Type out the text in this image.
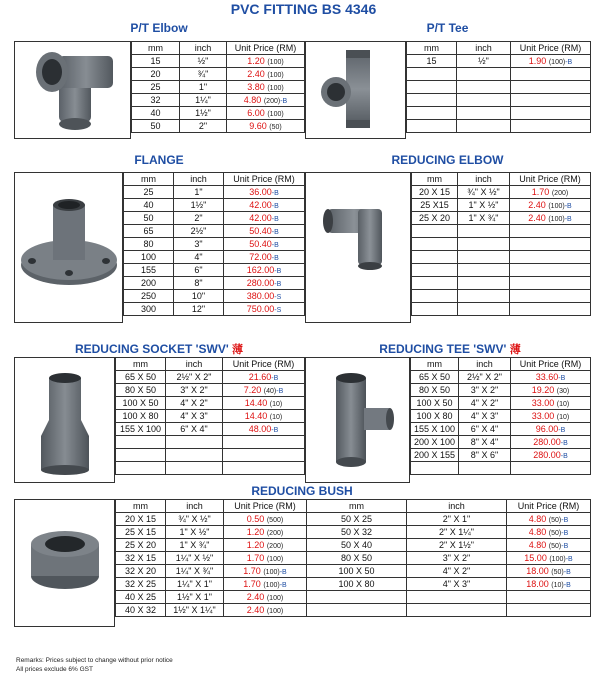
PVC FITTING BS 4346
P/T Elbow
mm	inch	Unit Price (RM)
15	½"	1.20 (100)
20	¾"	2.40 (100)
25	1"	3.80 (100)
32	1¼"	4.80 (200)-B
40	1½"	6.00 (100)
50	2"	9.60 (50)
P/T Tee
mm	inch	Unit Price (RM)
15	½"	1.90 (100)-B

FLANGE
mm	inch	Unit Price (RM)
25	1"	36.00-B
40	1½"	42.00-B
50	2"	42.00-B
65	2½"	50.40-B
80	3"	50.40-B
100	4"	72.00-B
155	6"	162.00-B
200	8"	280.00-B
250	10"	380.00-S
300	12"	750.00-S
REDUCING ELBOW
mm	inch	Unit Price (RM)
20 X 15	¾" X ½"	1.70 (200)
25 X15	1" X ½"	2.40 (100)-B
25 X 20	1" X ¾"	2.40 (100)-B

REDUCING SOCKET 'SWV' 薄
mm	inch	Unit Price (RM)
65 X 50	2½" X 2"	21.60-B
80 X 50	3" X 2"	7.20 (40)-B
100 X 50	4" X 2"	14.40 (10)
100 X 80	4" X 3"	14.40 (10)
155 X 100	6" X 4"	48.00-B

REDUCING TEE 'SWV' 薄
mm	inch	Unit Price (RM)
65 X 50	2½" X 2"	33.60-B
80 X 50	3" X 2"	19.20 (30)
100 X 50	4" X 2"	33.00 (10)
100 X 80	4" X 3"	33.00 (10)
155 X 100	6" X 4"	96.00-B
200 X 100	8" X 4"	280.00-B
200 X 155	8" X 6"	280.00-B

REDUCING BUSH
mm	inch	Unit Price (RM)
20 X 15	¾" X ½"	0.50 (500)
25 X 15	1" X ½"	1.20 (200)
25 X 20	1" X ¾"	1.20 (200)
32 X 15	1¼" X ½"	1.70 (100)
32 X 20	1¼" X ¾"	1.70 (100)-B
32 X 25	1¼" X 1"	1.70 (100)-B
40 X 25	1½" X 1"	2.40 (100)
40 X 32	1½" X 1¼"	2.40 (100)
mm	inch	Unit Price (RM)
50 X 25	2" X 1"	4.80 (50)-B
50 X 32	2" X 1¼"	4.80 (50)-B
50 X 40	2" X 1½"	4.80 (50)-B
80 X 50	3" X 2"	15.00 (100)-B
100 X 50	4" X 2"	18.00 (50)-B
100 X 80	4" X 3"	18.00 (10)-B

Remarks: Prices subject to change without prior notice
All prices exclude 6% GST
